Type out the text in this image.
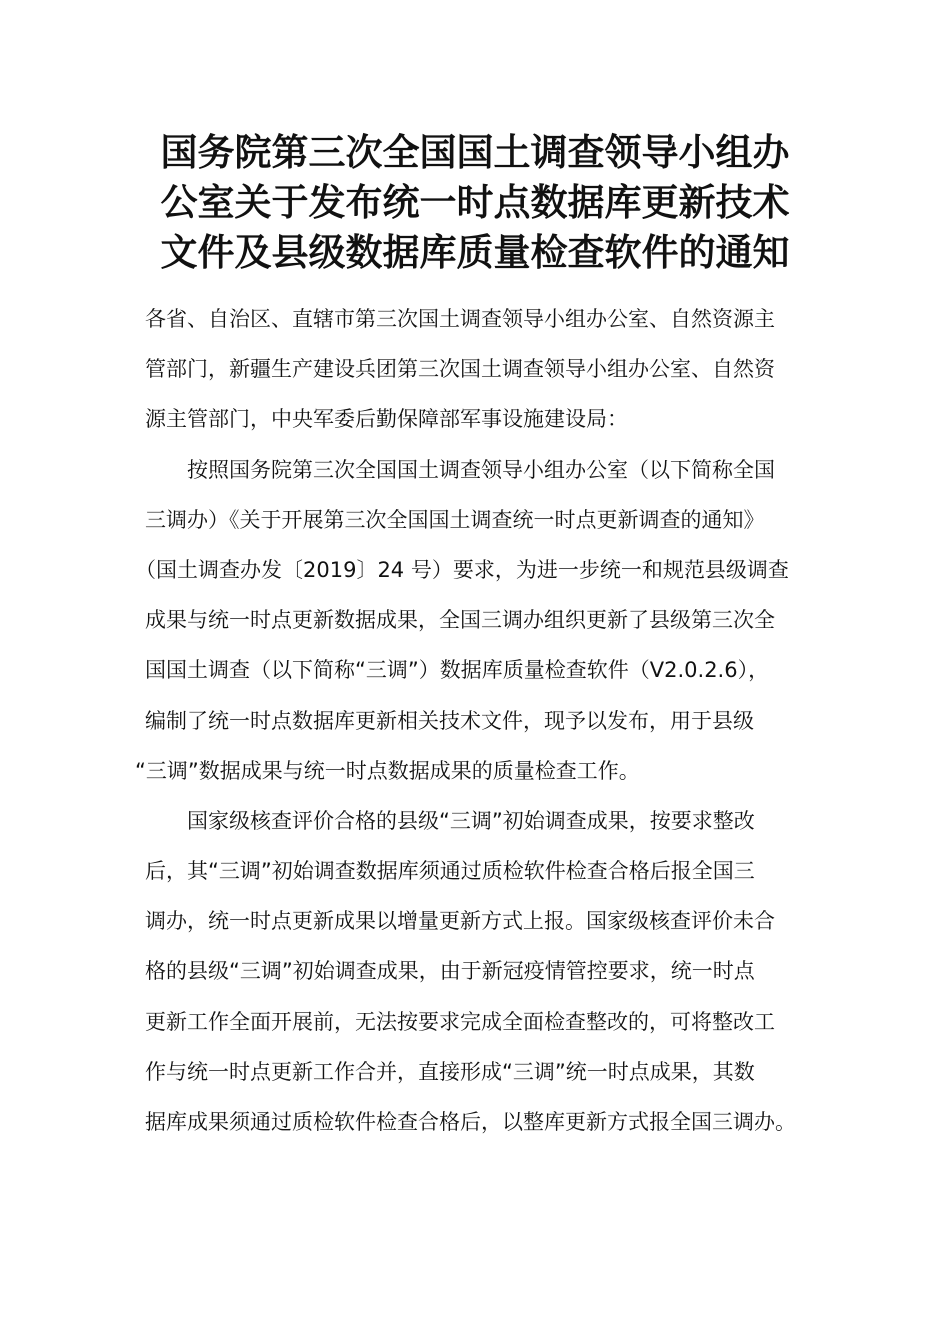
国务院第三次全国国土调查领导小组办
公室关于发布统一时点数据库更新技术
文件及县级数据库质量检查软件的通知
各省、自治区、直辖市第三次国土调查领导小组办公室、自然资源主
管部门，新疆生产建设兵团第三次国土调查领导小组办公室、自然资
源主管部门，中央军委后勤保障部军事设施建设局：
按照国务院第三次全国国土调查领导小组办公室（以下简称全国
三调办）《关于开展第三次全国国土调查统一时点更新调查的通知》
（国土调查办发〔2019〕24 号）要求，为进一步统一和规范县级调查
成果与统一时点更新数据成果，全国三调办组织更新了县级第三次全
国国土调查（以下简称“三调”）数据库质量检查软件（V2.0.2.6），
编制了统一时点数据库更新相关技术文件，现予以发布，用于县级
“三调”数据成果与统一时点数据成果的质量检查工作。
国家级核查评价合格的县级“三调”初始调查成果，按要求整改
后，其“三调”初始调查数据库须通过质检软件检查合格后报全国三
调办，统一时点更新成果以增量更新方式上报。国家级核查评价未合
格的县级“三调”初始调查成果，由于新冠疫情管控要求，统一时点
更新工作全面开展前，无法按要求完成全面检查整改的，可将整改工
作与统一时点更新工作合并，直接形成“三调”统一时点成果，其数
据库成果须通过质检软件检查合格后，以整库更新方式报全国三调办。
